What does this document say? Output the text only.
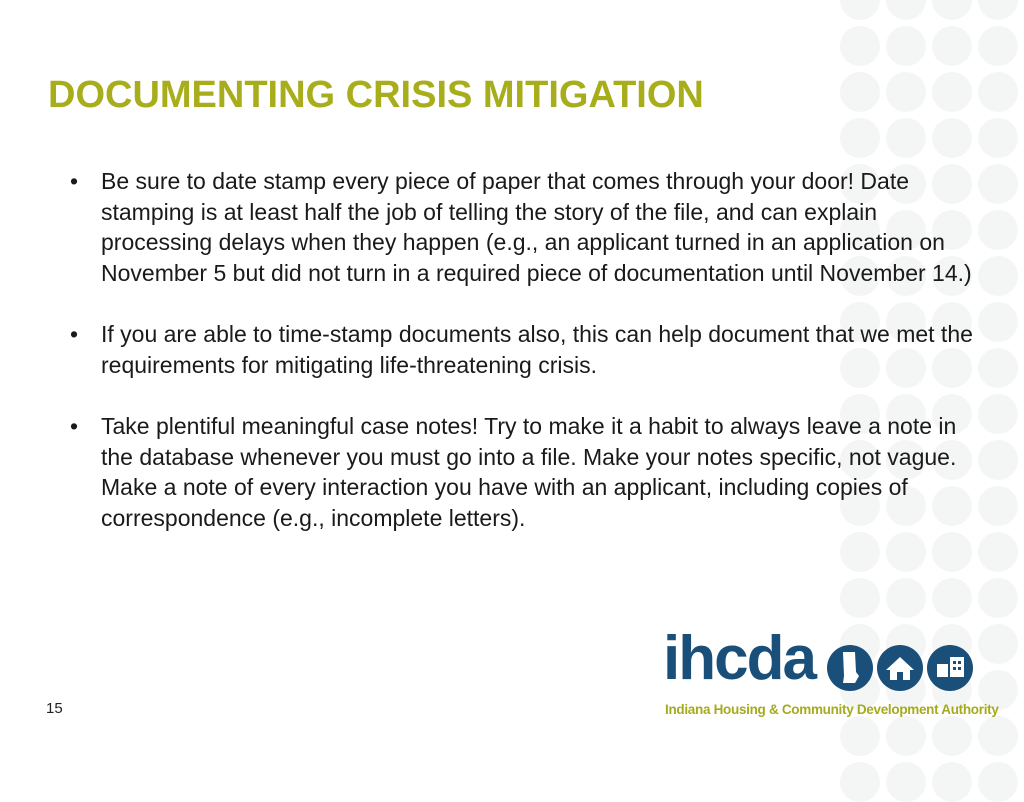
DOCUMENTING CRISIS MITIGATION
• Be sure to date stamp every piece of paper that comes through your door! Date stamping is at least half the job of telling the story of the file, and can explain processing delays when they happen (e.g., an applicant turned in an application on November 5 but did not turn in a required piece of documentation until November 14.)
• If you are able to time-stamp documents also, this can help document that we met the requirements for mitigating life-threatening crisis.
• Take plentiful meaningful case notes! Try to make it a habit to always leave a note in the database whenever you must go into a file. Make your notes specific, not vague. Make a note of every interaction you have with an applicant, including copies of correspondence (e.g., incomplete letters).
15
ihcda
Indiana Housing & Community Development Authority
